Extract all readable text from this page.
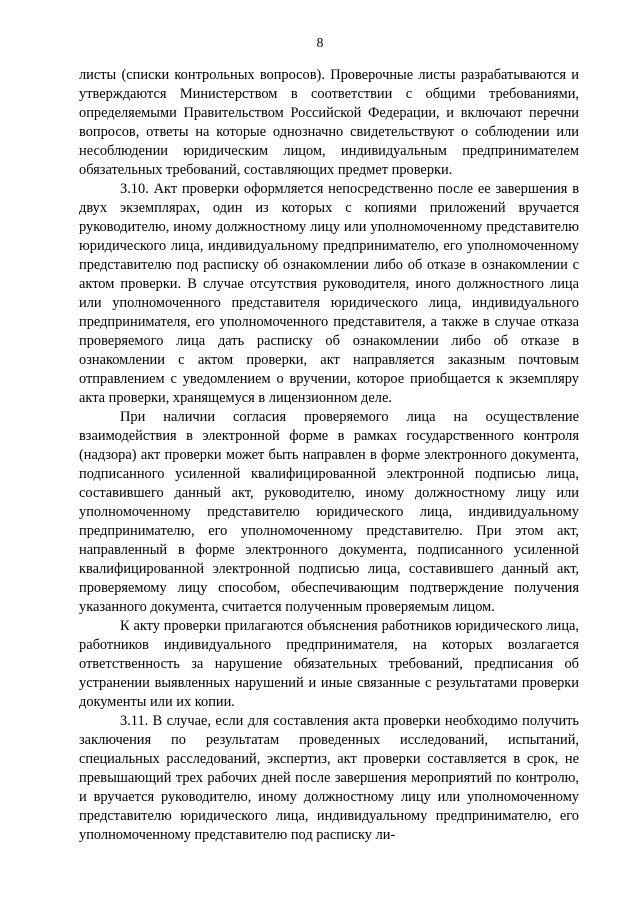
8

листы (списки контрольных вопросов). Проверочные листы разрабатываются и утверждаются Министерством в соответствии с общими требованиями, определяемыми Правительством Российской Федерации, и включают перечни вопросов, ответы на которые однозначно свидетельствуют о соблюдении или несоблюдении юридическим лицом, индивидуальным предпринимателем обязательных требований, составляющих предмет проверки.

3.10. Акт проверки оформляется непосредственно после ее завершения в двух экземплярах, один из которых с копиями приложений вручается руководителю, иному должностному лицу или уполномоченному представителю юридического лица, индивидуальному предпринимателю, его уполномоченному представителю под расписку об ознакомлении либо об отказе в ознакомлении с актом проверки. В случае отсутствия руководителя, иного должностного лица или уполномоченного представителя юридического лица, индивидуального предпринимателя, его уполномоченного представителя, а также в случае отказа проверяемого лица дать расписку об ознакомлении либо об отказе в ознакомлении с актом проверки, акт направляется заказным почтовым отправлением с уведомлением о вручении, которое приобщается к экземпляру акта проверки, хранящемуся в лицензионном деле.

При наличии согласия проверяемого лица на осуществление взаимодействия в электронной форме в рамках государственного контроля (надзора) акт проверки может быть направлен в форме электронного документа, подписанного усиленной квалифицированной электронной подписью лица, составившего данный акт, руководителю, иному должностному лицу или уполномоченному представителю юридического лица, индивидуальному предпринимателю, его уполномоченному представителю. При этом акт, направленный в форме электронного документа, подписанного усиленной квалифицированной электронной подписью лица, составившего данный акт, проверяемому лицу способом, обеспечивающим подтверждение получения указанного документа, считается полученным проверяемым лицом.

К акту проверки прилагаются объяснения работников юридического лица, работников индивидуального предпринимателя, на которых возлагается ответственность за нарушение обязательных требований, предписания об устранении выявленных нарушений и иные связанные с результатами проверки документы или их копии.

3.11. В случае, если для составления акта проверки необходимо получить заключения по результатам проведенных исследований, испытаний, специальных расследований, экспертиз, акт проверки составляется в срок, не превышающий трех рабочих дней после завершения мероприятий по контролю, и вручается руководителю, иному должностному лицу или уполномоченному представителю юридического лица, индивидуальному предпринимателю, его уполномоченному представителю под расписку ли-
